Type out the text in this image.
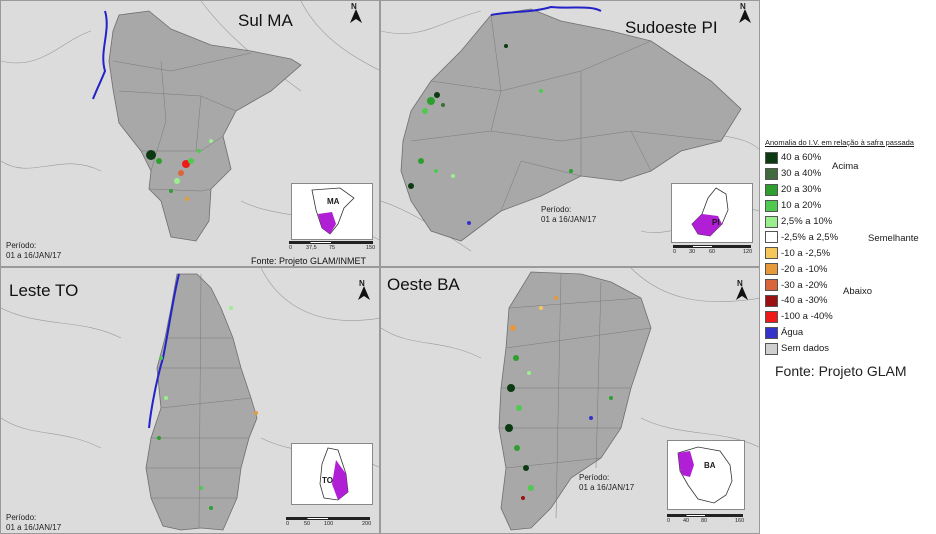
Sul MA
N
Período:
01 a 16/JAN/17
MA
0	37,5 75	150
Fonte: Projeto GLAM/INMET
Sudoeste PI
N
Período:
01 a 16/JAN/17	PI
0 30	60	120
Leste TO	N
Período:
01 a 16/JAN/17
TO
0	50	100	200
Oeste BA	N
Período:
01 a 16/JAN/17
BA
0 40 80	160
Anomalia do I.V. em relação à safra passada
40 a 60%
30 a 40%
20 a 30%
10 a 20%
2,5% a 10%
-2,5% a 2,5%
-10 a -2,5%
-20 a -10%
-30 a -20%
-40 a -30%
-100 a -40%
Água
Sem dados
Acima
Semelhante
Abaixo
Fonte: Projeto GLAM
